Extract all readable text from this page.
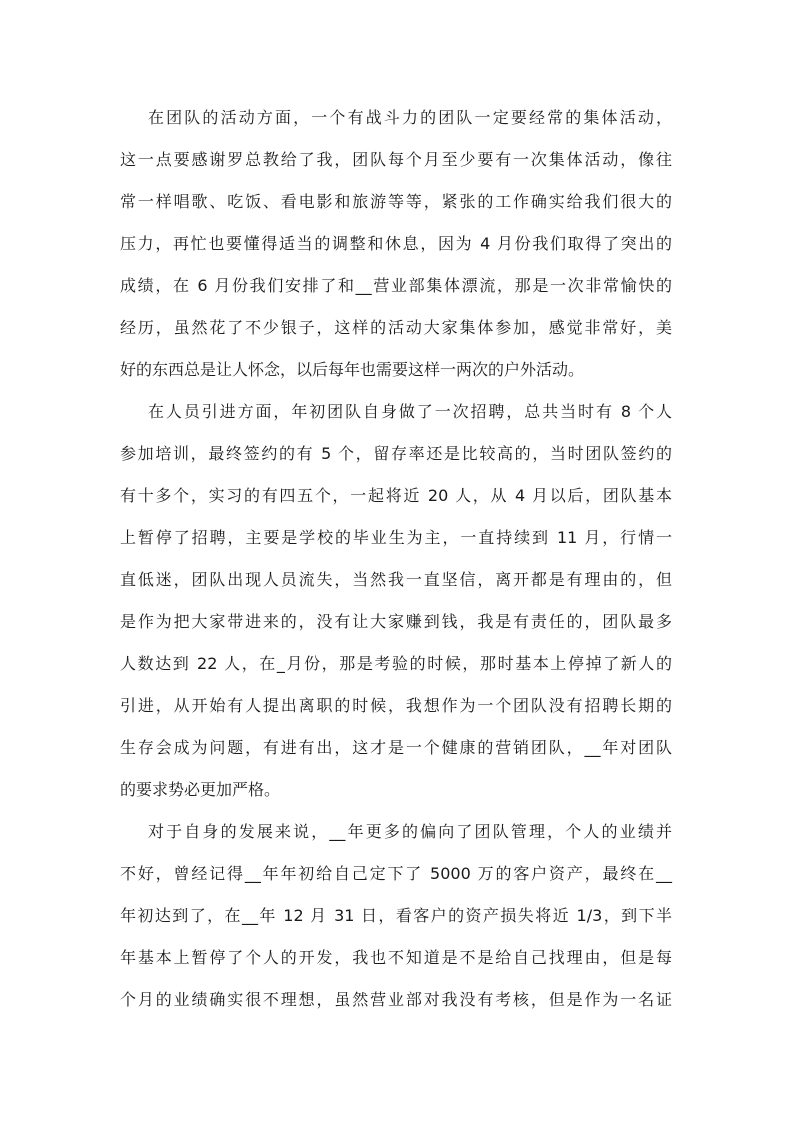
在团队的活动方面，一个有战斗力的团队一定要经常的集体活动，
这一点要感谢罗总教给了我，团队每个月至少要有一次集体活动，像往
常一样唱歌、吃饭、看电影和旅游等等，紧张的工作确实给我们很大的
压力，再忙也要懂得适当的调整和休息，因为 4 月份我们取得了突出的
成绩，在 6 月份我们安排了和__营业部集体漂流，那是一次非常愉快的
经历，虽然花了不少银子，这样的活动大家集体参加，感觉非常好，美
好的东西总是让人怀念，以后每年也需要这样一两次的户外活动。
在人员引进方面，年初团队自身做了一次招聘，总共当时有 8 个人
参加培训，最终签约的有 5 个，留存率还是比较高的，当时团队签约的
有十多个，实习的有四五个，一起将近 20 人，从 4 月以后，团队基本
上暂停了招聘，主要是学校的毕业生为主，一直持续到 11 月，行情一
直低迷，团队出现人员流失，当然我一直坚信，离开都是有理由的，但
是作为把大家带进来的，没有让大家赚到钱，我是有责任的，团队最多
人数达到 22 人，在_月份，那是考验的时候，那时基本上停掉了新人的
引进，从开始有人提出离职的时候，我想作为一个团队没有招聘长期的
生存会成为问题，有进有出，这才是一个健康的营销团队，__年对团队
的要求势必更加严格。
对于自身的发展来说，__年更多的偏向了团队管理，个人的业绩并
不好，曾经记得__年年初给自己定下了 5000 万的客户资产，最终在__
年初达到了，在__年 12 月 31 日，看客户的资产损失将近 1/3，到下半
年基本上暂停了个人的开发，我也不知道是不是给自己找理由，但是每
个月的业绩确实很不理想，虽然营业部对我没有考核，但是作为一名证
